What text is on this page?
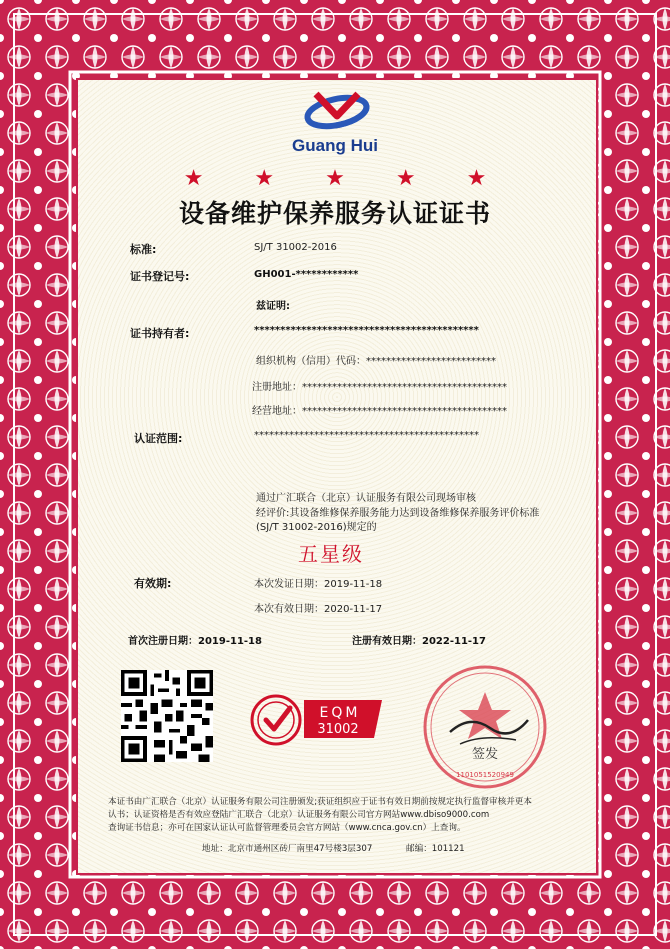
Guang Hui
★ ★ ★ ★ ★
设备维护保养服务认证证书
标准:	SJ/T 31002-2016
证书登记号:	GH001-************
兹证明:
证书持有者:	*******************************************
组织机构（信用）代码：**************************
注册地址：*****************************************
经营地址：*****************************************
认证范围:	*********************************************
通过广汇联合（北京）认证服务有限公司现场审核
经评价:其设备维修保养服务能力达到设备维修保养服务评价标准
(SJ/T 31002-2016)规定的
五星级
有效期:	本次发证日期：2019-11-18
本次有效日期：2020-11-17
首次注册日期：2019-11-18	注册有效日期：2022-11-17
EQM
31002
签发
1101051520949
本证书由广汇联合（北京）认证服务有限公司注册颁发;获证组织应于证书有效日期前按规定执行监督审核并更本
认书；认证资格是否有效应登陆广汇联合（北京）认证服务有限公司官方网站www.dbiso9000.com
查询证书信息；亦可在国家认证认可监督管理委员会官方网站（www.cnca.gov.cn）上查询。
地址：北京市通州区砖厂南里47号楼3层307	邮编：101121
